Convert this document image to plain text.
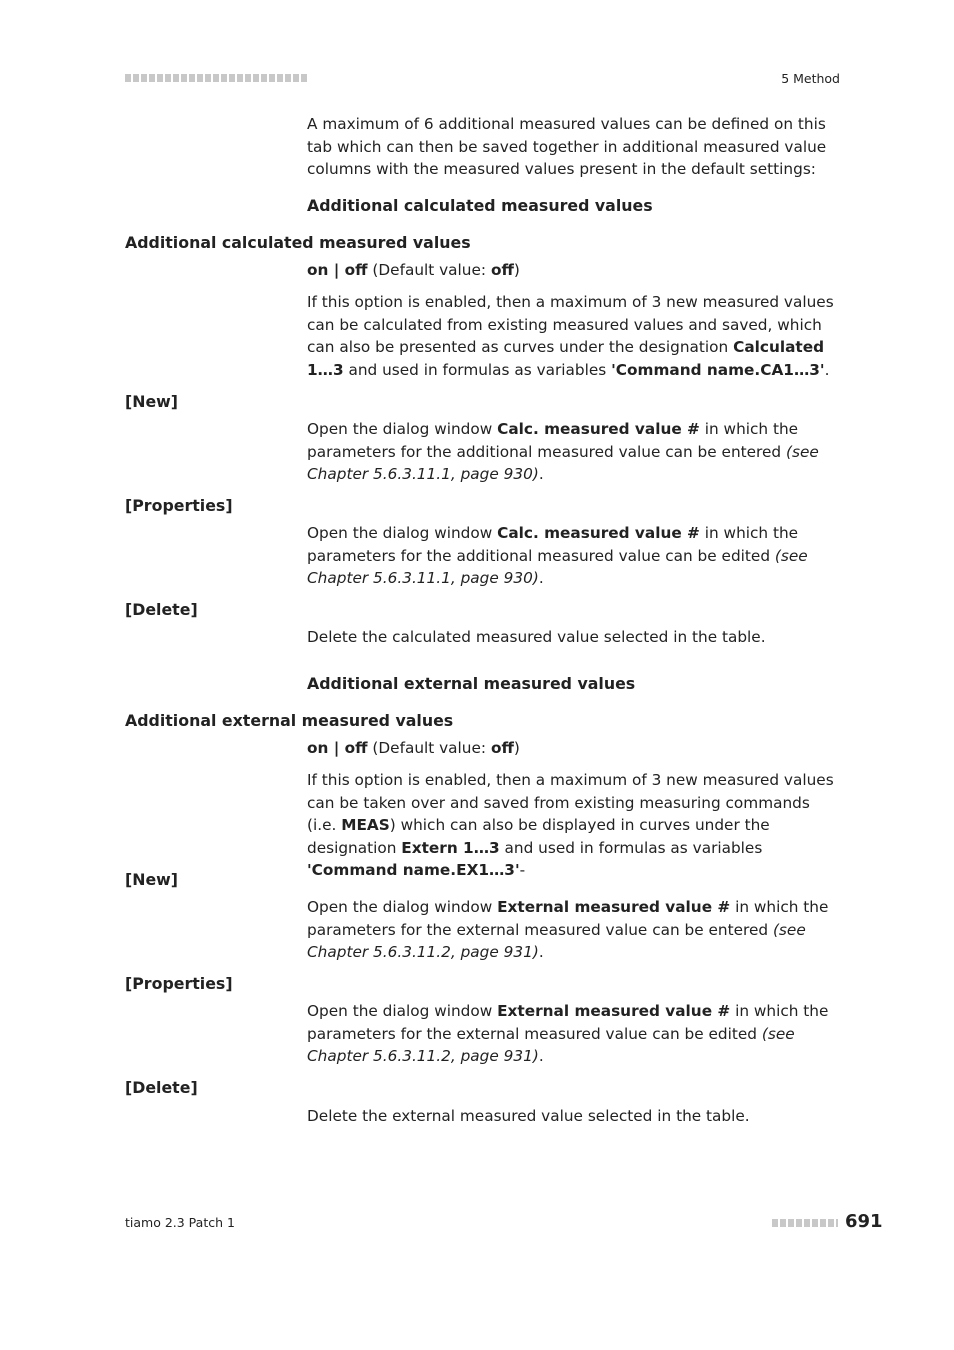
5 Method
A maximum of 6 additional measured values can be defined on this tab which can then be saved together in additional measured value columns with the measured values present in the default settings:
Additional calculated measured values
Additional calculated measured values
on | off (Default value: off)
If this option is enabled, then a maximum of 3 new measured values can be calculated from existing measured values and saved, which can also be presented as curves under the designation Calculated 1…3 and used in formulas as variables 'Command name.CA1…3'.
[New]
Open the dialog window Calc. measured value # in which the parameters for the additional measured value can be entered (see Chapter 5.6.3.11.1, page 930).
[Properties]
Open the dialog window Calc. measured value # in which the parameters for the additional measured value can be edited (see Chapter 5.6.3.11.1, page 930).
[Delete]
Delete the calculated measured value selected in the table.
Additional external measured values
Additional external measured values
on | off (Default value: off)
If this option is enabled, then a maximum of 3 new measured values can be taken over and saved from existing measuring commands (i.e. MEAS) which can also be displayed in curves under the designation Extern 1…3 and used in formulas as variables 'Command name.EX1…3'-
[New]
Open the dialog window External measured value # in which the parameters for the external measured value can be entered (see Chapter 5.6.3.11.2, page 931).
[Properties]
Open the dialog window External measured value # in which the parameters for the external measured value can be edited (see Chapter 5.6.3.11.2, page 931).
[Delete]
Delete the external measured value selected in the table.
tiamo 2.3 Patch 1	691
